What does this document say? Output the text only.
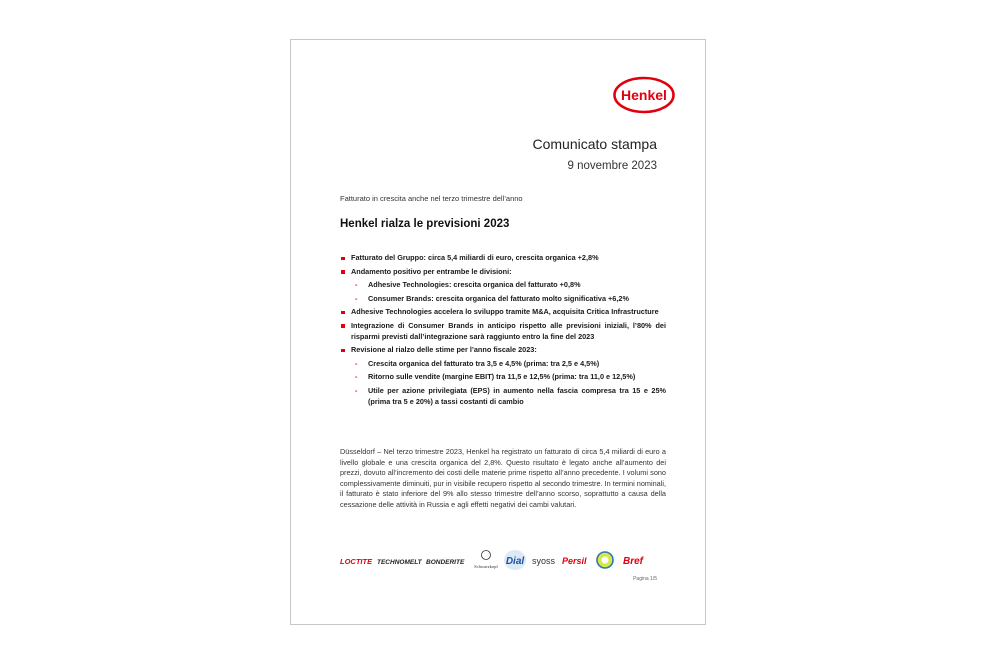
Henkel
Comunicato stampa
9 novembre 2023
Fatturato in crescita anche nel terzo trimestre dell’anno
Henkel rialza le previsioni 2023
Fatturato del Gruppo: circa 5,4 miliardi di euro, crescita organica +2,8%
Andamento positivo per entrambe le divisioni:
- Adhesive Technologies: crescita organica del fatturato +0,8%
- Consumer Brands: crescita organica del fatturato molto significativa +6,2%
Adhesive Technologies accelera lo sviluppo tramite M&A, acquisita Critica Infrastructure
Integrazione di Consumer Brands in anticipo rispetto alle previsioni iniziali, l’80% dei risparmi previsti dall’integrazione sarà raggiunto entro la fine del 2023
Revisione al rialzo delle stime per l’anno fiscale 2023:
- Crescita organica del fatturato tra 3,5 e 4,5% (prima: tra 2,5 e 4,5%)
- Ritorno sulle vendite (margine EBIT) tra 11,5 e 12,5% (prima: tra 11,0 e 12,5%)
- Utile per azione privilegiata (EPS) in aumento nella fascia compresa tra 15 e 25% (prima tra 5 e 20%) a tassi costanti di cambio
Düsseldorf – Nel terzo trimestre 2023, Henkel ha registrato un fatturato di circa 5,4 miliardi di euro a livello globale e una crescita organica del 2,8%. Questo risultato è legato anche all’aumento dei prezzi, dovuto all’incremento dei costi delle materie prime rispetto all’anno precedente. I volumi sono complessivamente diminuiti, pur in visibile recupero rispetto al secondo trimestre. In termini nominali, il fatturato è stato inferiore del 9% allo stesso trimestre dell’anno scorso, soprattutto a causa della cessazione delle attività in Russia e agli effetti negativi dei cambi valutari.
LOCTITE TECHNOMELT BONDERITE
Schwarzkopf Dial syoss Persil	Bref
Pagina 1/5
